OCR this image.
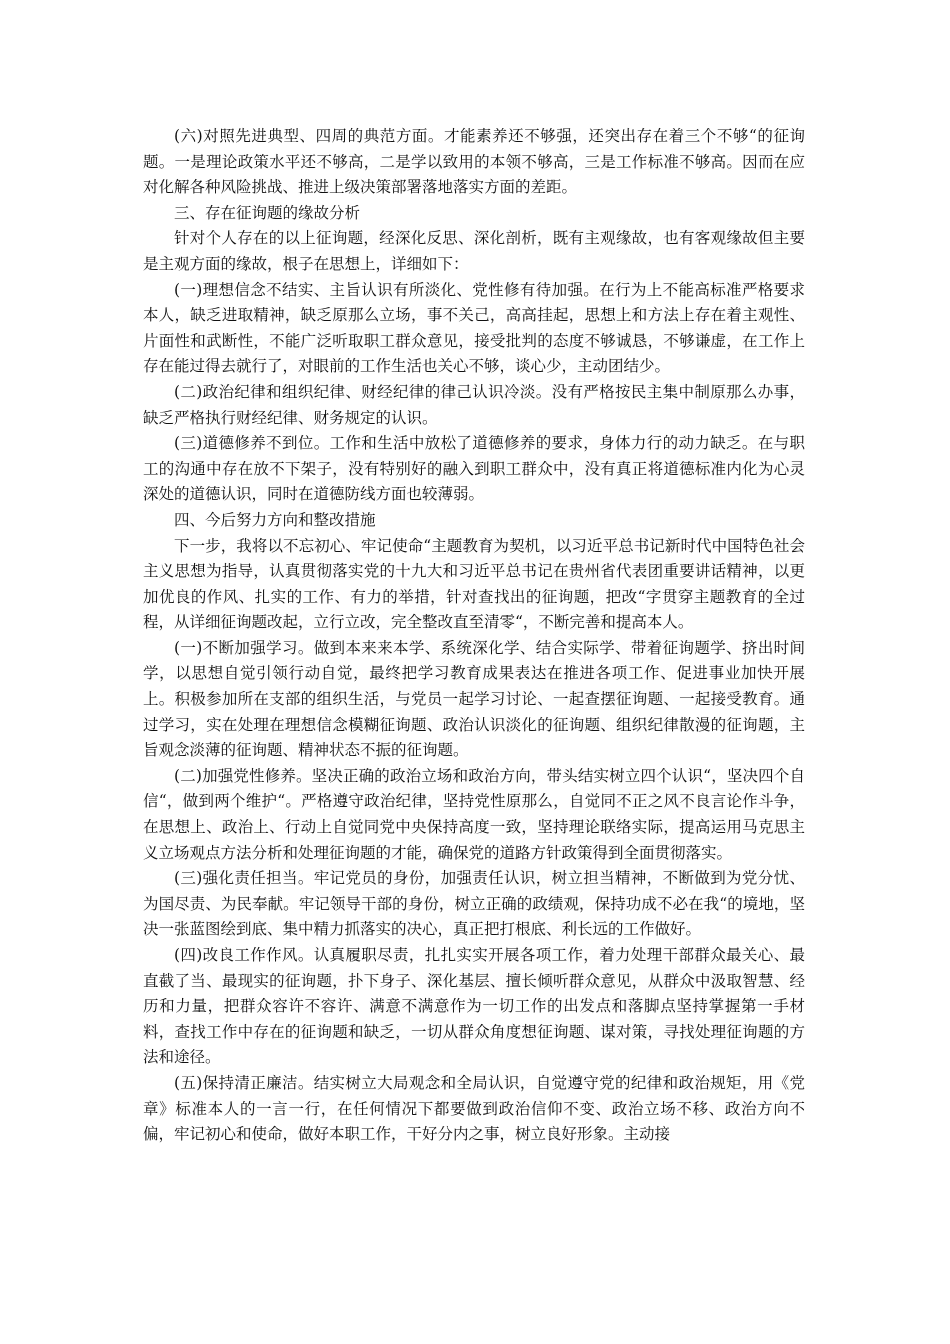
(六)对照先进典型、四周的典范方面。才能素养还不够强，还突出存在着三个不够“的征询题。一是理论政策水平还不够高，二是学以致用的本领不够高，三是工作标准不够高。因而在应对化解各种风险挑战、推进上级决策部署落地落实方面的差距。

三、存在征询题的缘故分析

针对个人存在的以上征询题，经深化反思、深化剖析，既有主观缘故，也有客观缘故但主要是主观方面的缘故，根子在思想上，详细如下：

(一)理想信念不结实、主旨认识有所淡化、党性修有待加强。在行为上不能高标准严格要求本人，缺乏进取精神，缺乏原那么立场，事不关己，高高挂起，思想上和方法上存在着主观性、片面性和武断性，不能广泛听取职工群众意见，接受批判的态度不够诚恳，不够谦虚，在工作上存在能过得去就行了，对眼前的工作生活也关心不够，谈心少，主动团结少。

(二)政治纪律和组织纪律、财经纪律的律己认识冷淡。没有严格按民主集中制原那么办事，缺乏严格执行财经纪律、财务规定的认识。

(三)道德修养不到位。工作和生活中放松了道德修养的要求，身体力行的动力缺乏。在与职工的沟通中存在放不下架子，没有特别好的融入到职工群众中，没有真正将道德标准内化为心灵深处的道德认识，同时在道德防线方面也较薄弱。

四、今后努力方向和整改措施

下一步，我将以不忘初心、牢记使命“主题教育为契机，以习近平总书记新时代中国特色社会主义思想为指导，认真贯彻落实党的十九大和习近平总书记在贵州省代表团重要讲话精神，以更加优良的作风、扎实的工作、有力的举措，针对查找出的征询题，把改“字贯穿主题教育的全过程，从详细征询题改起，立行立改，完全整改直至清零“，不断完善和提高本人。

(一)不断加强学习。做到本来来本学、系统深化学、结合实际学、带着征询题学、挤出时间学，以思想自觉引领行动自觉，最终把学习教育成果表达在推进各项工作、促进事业加快开展上。积极参加所在支部的组织生活，与党员一起学习讨论、一起查摆征询题、一起接受教育。通过学习，实在处理在理想信念模糊征询题、政治认识淡化的征询题、组织纪律散漫的征询题，主旨观念淡薄的征询题、精神状态不振的征询题。

(二)加强党性修养。坚决正确的政治立场和政治方向，带头结实树立四个认识“，坚决四个自信“，做到两个维护“。严格遵守政治纪律，坚持党性原那么，自觉同不正之风不良言论作斗争，在思想上、政治上、行动上自觉同党中央保持高度一致，坚持理论联络实际，提高运用马克思主义立场观点方法分析和处理征询题的才能，确保党的道路方针政策得到全面贯彻落实。

(三)强化责任担当。牢记党员的身份，加强责任认识，树立担当精神，不断做到为党分忧、为国尽责、为民奉献。牢记领导干部的身份，树立正确的政绩观，保持功成不必在我“的境地，坚决一张蓝图绘到底、集中精力抓落实的决心，真正把打根底、利长远的工作做好。

(四)改良工作作风。认真履职尽责，扎扎实实开展各项工作，着力处理干部群众最关心、最直截了当、最现实的征询题，扑下身子、深化基层、擅长倾听群众意见，从群众中汲取智慧、经历和力量，把群众容许不容许、满意不满意作为一切工作的出发点和落脚点坚持掌握第一手材料，查找工作中存在的征询题和缺乏，一切从群众角度想征询题、谋对策，寻找处理征询题的方法和途径。

(五)保持清正廉洁。结实树立大局观念和全局认识，自觉遵守党的纪律和政治规矩，用《党章》标准本人的一言一行，在任何情况下都要做到政治信仰不变、政治立场不移、政治方向不偏，牢记初心和使命，做好本职工作，干好分内之事，树立良好形象。主动接
